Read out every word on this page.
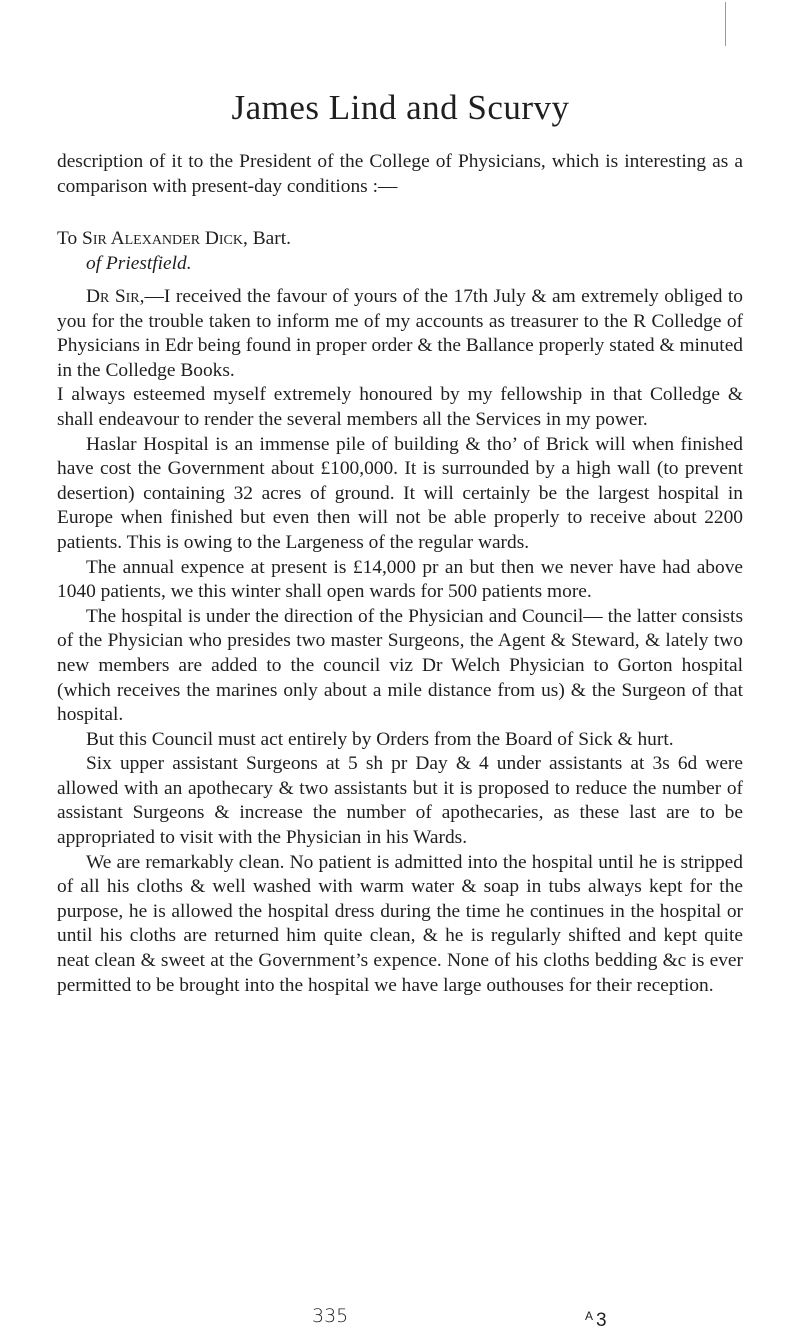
James Lind and Scurvy

description of it to the President of the College of Physicians, which is interesting as a comparison with present-day conditions :—

To Sir Alexander Dick, Bart.
of Priestfield.

Dr Sir,—I received the favour of yours of the 17th July & am extremely obliged to you for the trouble taken to inform me of my accounts as treasurer to the R Colledge of Physicians in Edr being found in proper order & the Ballance properly stated & minuted in the Colledge Books.

I always esteemed myself extremely honoured by my fellowship in that Colledge & shall endeavour to render the several members all the Services in my power.

Haslar Hospital is an immense pile of building & tho’ of Brick will when finished have cost the Government about £100,000. It is surrounded by a high wall (to prevent desertion) containing 32 acres of ground. It will certainly be the largest hospital in Europe when finished but even then will not be able properly to receive about 2200 patients. This is owing to the Largeness of the regular wards.

The annual expence at present is £14,000 pr an but then we never have had above 1040 patients, we this winter shall open wards for 500 patients more.

The hospital is under the direction of the Physician and Council— the latter consists of the Physician who presides two master Surgeons, the Agent & Steward, & lately two new members are added to the council viz Dr Welch Physician to Gorton hospital (which receives the marines only about a mile distance from us) & the Surgeon of that hospital.

But this Council must act entirely by Orders from the Board of Sick & hurt.

Six upper assistant Surgeons at 5 sh pr Day & 4 under assistants at 3s 6d were allowed with an apothecary & two assistants but it is proposed to reduce the number of assistant Surgeons & increase the number of apothecaries, as these last are to be appropriated to visit with the Physician in his Wards.

We are remarkably clean. No patient is admitted into the hospital until he is stripped of all his cloths & well washed with warm water & soap in tubs always kept for the purpose, he is allowed the hospital dress during the time he continues in the hospital or until his cloths are returned him quite clean, & he is regularly shifted and kept quite neat clean & sweet at the Government’s expence. None of his cloths bedding &c is ever permitted to be brought into the hospital we have large outhouses for their reception.

335	$^A$ 3
